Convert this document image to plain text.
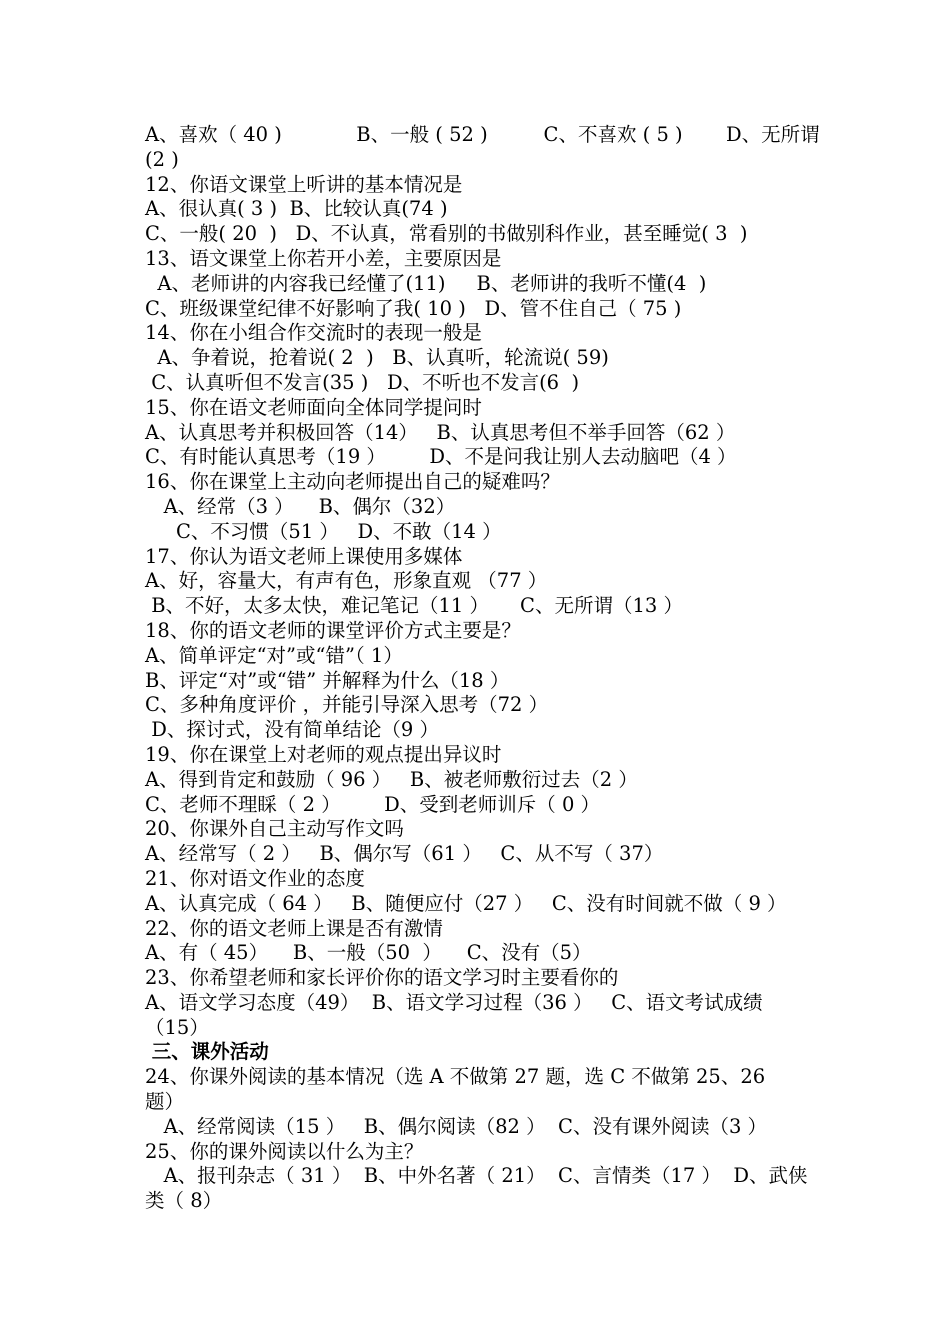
A、喜欢（ 40 )            B、一般 ( 52 )         C、不喜欢 ( 5 )       D、无所谓
(2 )
12、你语文课堂上听讲的基本情况是
A、很认真( 3 )  B、比较认真(74 )
C、一般( 20  )   D、不认真，常看别的书做别科作业，甚至睡觉( 3  )
13、语文课堂上你若开小差，主要原因是
A、老师讲的内容我已经懂了(11)     B、老师讲的我听不懂(4  )
C、班级课堂纪律不好影响了我( 10 )   D、管不住自己（ 75 )
14、你在小组合作交流时的表现一般是
A、争着说，抢着说( 2  )   B、认真听，轮流说( 59)
C、认真听但不发言(35 )   D、不听也不发言(6  )
15、你在语文老师面向全体同学提问时
A、认真思考并积极回答（14）   B、认真思考但不举手回答（62 ）
C、有时能认真思考（19 ）       D、不是问我让别人去动脑吧（4 ）
16、你在课堂上主动向老师提出自己的疑难吗？
A、经常（3 ）    B、偶尔（32）
C、不习惯（51 ）   D、不敢（14 ）
17、你认为语文老师上课使用多媒体
A、好，容量大，有声有色，形象直观 （77 ）
B、不好，太多太快，难记笔记（11 ）     C、无所谓（13 ）
18、你的语文老师的课堂评价方式主要是？
A、简单评定“对”或“错”（ 1）
B、评定“对”或“错” 并解释为什么（18 ）
C、多种角度评价 ，并能引导深入思考（72 ）
D、探讨式，没有简单结论（9 ）
19、你在课堂上对老师的观点提出异议时
A、得到肯定和鼓励（ 96 ）   B、被老师敷衍过去（2 ）
C、老师不理睬（ 2 ）       D、受到老师训斥（ 0 ）
20、你课外自己主动写作文吗
A、经常写（ 2 ）   B、偶尔写（61 ）   C、从不写（ 37）
21、你对语文作业的态度
A、认真完成（ 64 ）   B、随便应付（27 ）   C、没有时间就不做（ 9 ）
22、你的语文老师上课是否有激情
A、有（ 45）    B、一般（50  ）    C、没有（5）
23、你希望老师和家长评价你的语文学习时主要看你的
A、语文学习态度（49）  B、语文学习过程（36 ）   C、语文考试成绩
（15）
三、课外活动
24、你课外阅读的基本情况（选 A 不做第 27 题，选 C 不做第 25、26
题）
A、经常阅读（15 ）   B、偶尔阅读（82 ）  C、没有课外阅读（3 ）
25、你的课外阅读以什么为主？
A、报刊杂志（ 31 ）  B、中外名著（ 21）  C、言情类（17 ）  D、武侠
类（ 8）
